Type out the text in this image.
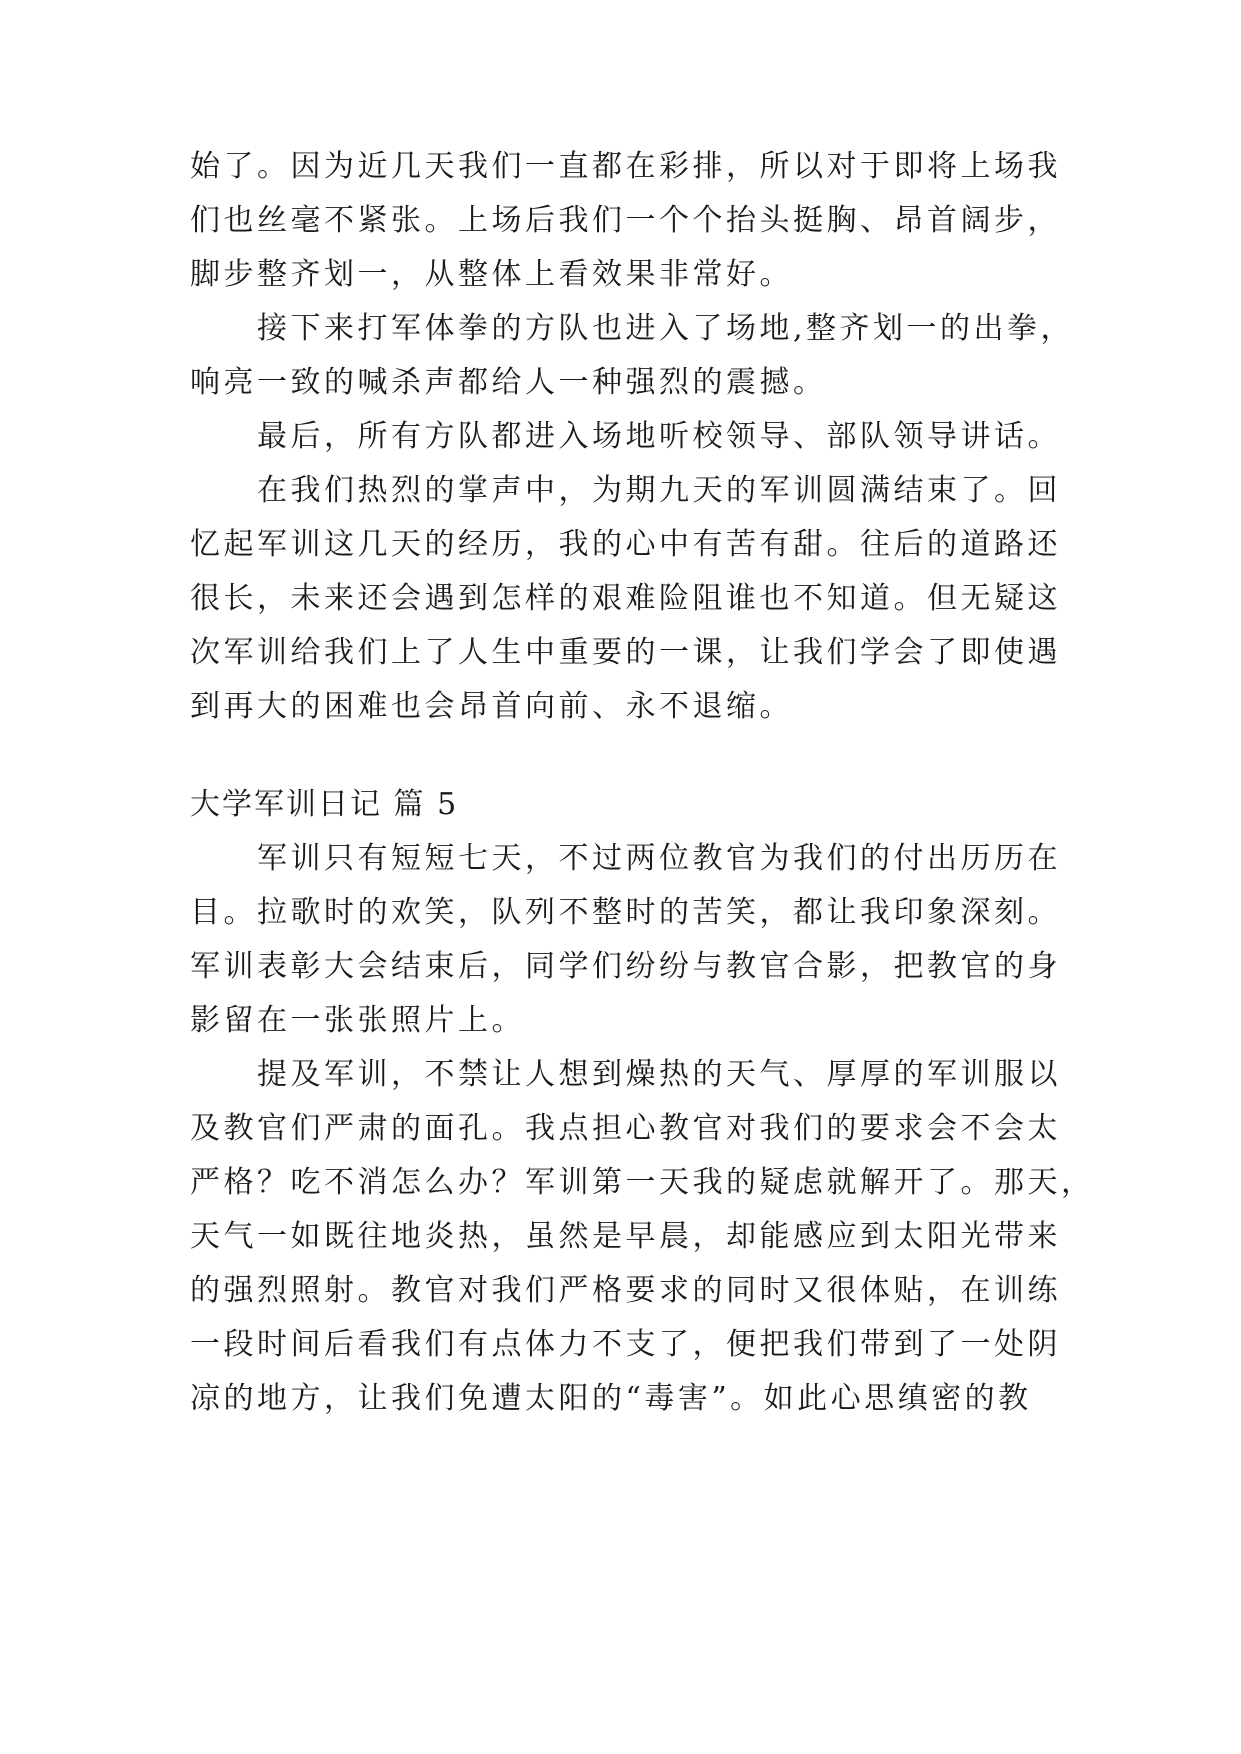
始了。因为近几天我们一直都在彩排，所以对于即将上场我
们也丝毫不紧张。上场后我们一个个抬头挺胸、昂首阔步，
脚步整齐划一，从整体上看效果非常好。
接下来打军体拳的方队也进入了场地,整齐划一的出拳，
响亮一致的喊杀声都给人一种强烈的震撼。
最后，所有方队都进入场地听校领导、部队领导讲话。
在我们热烈的掌声中，为期九天的军训圆满结束了。回
忆起军训这几天的经历，我的心中有苦有甜。往后的道路还
很长，未来还会遇到怎样的艰难险阻谁也不知道。但无疑这
次军训给我们上了人生中重要的一课，让我们学会了即使遇
到再大的困难也会昂首向前、永不退缩。
大学军训日记 篇 5
军训只有短短七天，不过两位教官为我们的付出历历在
目。拉歌时的欢笑，队列不整时的苦笑，都让我印象深刻。
军训表彰大会结束后，同学们纷纷与教官合影，把教官的身
影留在一张张照片上。
提及军训，不禁让人想到燥热的天气、厚厚的军训服以
及教官们严肃的面孔。我点担心教官对我们的要求会不会太
严格？吃不消怎么办？军训第一天我的疑虑就解开了。那天，
天气一如既往地炎热，虽然是早晨，却能感应到太阳光带来
的强烈照射。教官对我们严格要求的同时又很体贴，在训练
一段时间后看我们有点体力不支了，便把我们带到了一处阴
凉的地方，让我们免遭太阳的“毒害”。如此心思缜密的教
